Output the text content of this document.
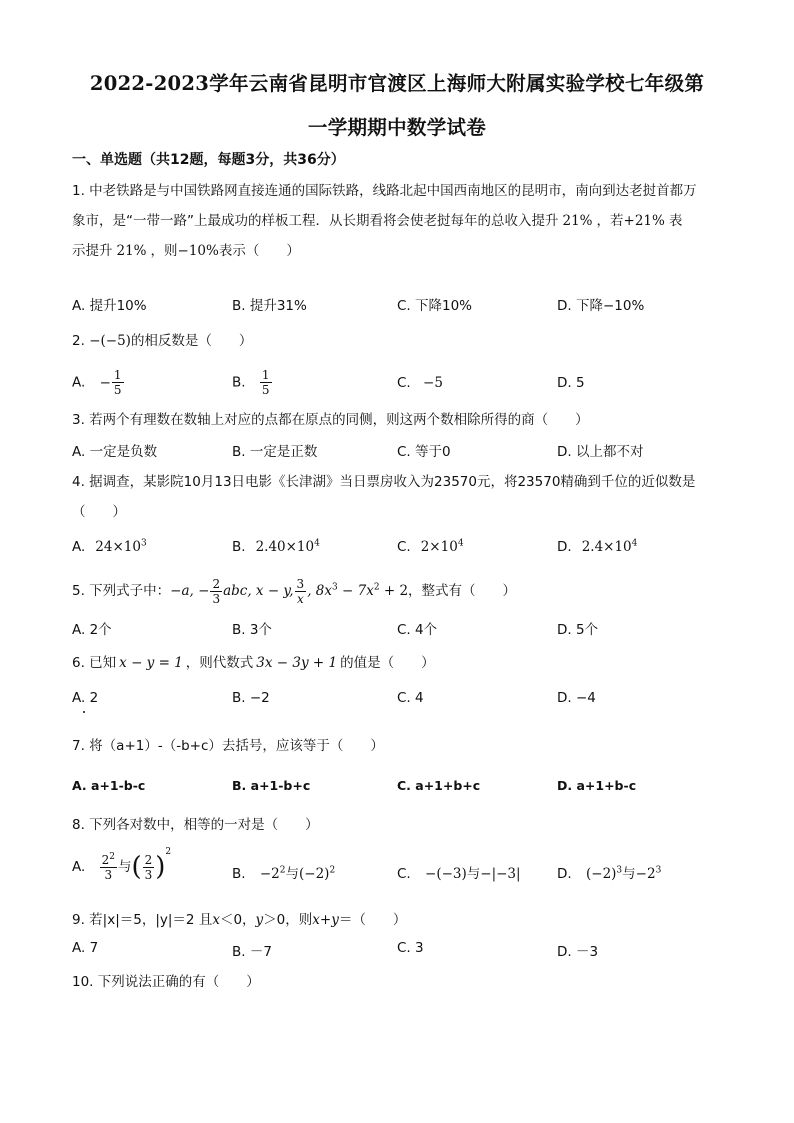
2022-2023学年云南省昆明市官渡区上海师大附属实验学校七年级第
一学期期中数学试卷
一、单选题（共12题，每题3分，共36分）
1. 中老铁路是与中国铁路网直接连通的国际铁路，线路北起中国西南地区的昆明市，南向到达老挝首都万
象市，是“一带一路”上最成功的样板工程．从长期看将会使老挝每年的总收入提升 21% ，若+21% 表
示提升 21% ，则−10%表示（　　）
A. 提升10%	B. 提升31%	C. 下降10%	D. 下降−10%
2. −(−5)的相反数是（　　）
A. − $\frac{1}{5}$	B. $\frac{1}{5}$	C. −5	D. 5
3. 若两个有理数在数轴上对应的点都在原点的同侧，则这两个数相除所得的商（　　）
A. 一定是负数	B. 一定是正数	C. 等于0	D. 以上都不对
4. 据调查，某影院10月13日电影《长津湖》当日票房收入为23570元，将23570精确到千位的近似数是
（　　）
A. $24\times 10^3$	B. $2.40\times 10^4$	C. $2\times 10^4$	D. $2.4\times 10^4$
5. 下列式子中：−a, − $\frac{2}{3}$ abc, x − y, $\frac{3}{x}$ , $8x^3 - 7x^2 + 2$，整式有（　　）
A. 2个	B. 3个	C. 4个	D. 5个
6. 已知 x − y = 1 ，则代数式 3x − 3y + 1 的值是（　　）
A. 2	B. −2	C. 4	D. −4
7. 将（a+1）-（-b+c）去括号，应该等于（　　）
A. a+1-b-c	B. a+1-b+c	C. a+1+b+c	D. a+1+b-c
8. 下列各对数中，相等的一对是（　　）
A. $\frac{2^2}{3}$ 与( $\frac{2}{3} )^2$
B. $-2^2$与$(-2)^2$	C. −(−3)与−|−3|	D. $(-2)^3$与$-2^3$
9. 若|x|＝5，|y|＝2 且x＜0，y＞0，则x+y＝（　　）
A. 7	B. －7	C. 3	D. －3
10. 下列说法正确的有（　　）
